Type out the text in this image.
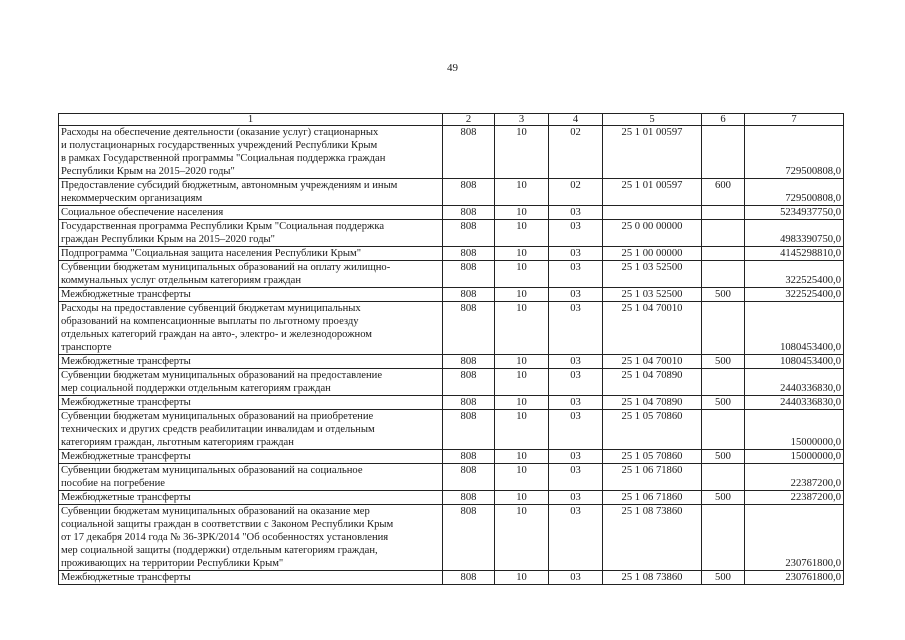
49
1	2	3	4	5	6	7
Расходы на обеспечение деятельности (оказание услуг) стационарных
и полустационарных государственных учреждений Республики Крым
в рамках Государственной программы "Социальная поддержка граждан
Республики Крым на 2015–2020 годы"	808	10	02	25 1 01 00597		729500808,0
Предоставление субсидий бюджетным, автономным учреждениям и иным
некоммерческим организациям	808	10	02	25 1 01 00597	600	729500808,0
Социальное обеспечение населения	808	10	03			5234937750,0
Государственная программа Республики Крым "Социальная поддержка
граждан Республики Крым на 2015–2020 годы"	808	10	03	25 0 00 00000		4983390750,0
Подпрограмма "Социальная защита населения Республики Крым"	808	10	03	25 1 00 00000		4145298810,0
Субвенции бюджетам муниципальных образований на оплату жилищно-
коммунальных услуг отдельным категориям граждан	808	10	03	25 1 03 52500		322525400,0
Межбюджетные трансферты	808	10	03	25 1 03 52500	500	322525400,0
Расходы на предоставление субвенций бюджетам муниципальных
образований на компенсационные выплаты по льготному проезду
отдельных категорий граждан на авто-, электро- и железнодорожном
транспорте	808	10	03	25 1 04 70010		1080453400,0
Межбюджетные трансферты	808	10	03	25 1 04 70010	500	1080453400,0
Субвенции бюджетам муниципальных образований на предоставление
мер социальной поддержки отдельным категориям граждан	808	10	03	25 1 04 70890		2440336830,0
Межбюджетные трансферты	808	10	03	25 1 04 70890	500	2440336830,0
Субвенции бюджетам муниципальных образований на приобретение
технических и других средств реабилитации инвалидам и отдельным
категориям граждан, льготным категориям граждан	808	10	03	25 1 05 70860		15000000,0
Межбюджетные трансферты	808	10	03	25 1 05 70860	500	15000000,0
Субвенции бюджетам муниципальных образований на социальное
пособие на погребение	808	10	03	25 1 06 71860		22387200,0
Межбюджетные трансферты	808	10	03	25 1 06 71860	500	22387200,0
Субвенции бюджетам муниципальных образований на оказание мер
социальной защиты граждан в соответствии с Законом Республики Крым
от 17 декабря 2014 года № 36-ЗРК/2014 "Об особенностях установления
мер социальной защиты (поддержки) отдельным категориям граждан,
проживающих на территории Республики Крым"	808	10	03	25 1 08 73860		230761800,0
Межбюджетные трансферты	808	10	03	25 1 08 73860	500	230761800,0
